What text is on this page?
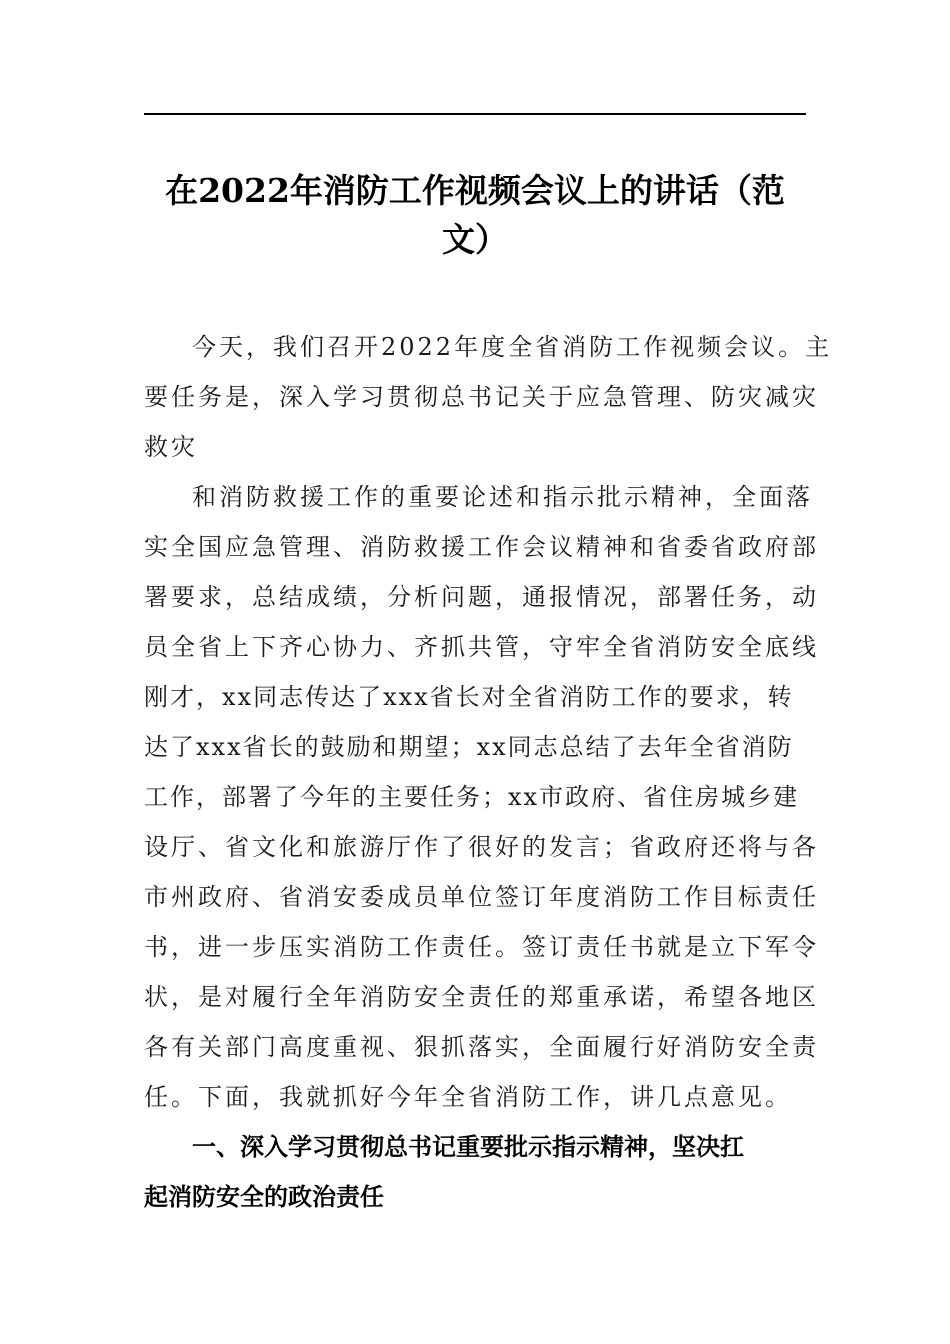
在2022年消防工作视频会议上的讲话（范
文）
今天，我们召开2022年度全省消防工作视频会议。主
要任务是，深入学习贯彻总书记关于应急管理、防灾减灾
救灾
和消防救援工作的重要论述和指示批示精神，全面落
实全国应急管理、消防救援工作会议精神和省委省政府部
署要求，总结成绩，分析问题，通报情况，部署任务，动
员全省上下齐心协力、齐抓共管，守牢全省消防安全底线
刚才，xx同志传达了xxx省长对全省消防工作的要求，转
达了xxx省长的鼓励和期望；xx同志总结了去年全省消防
工作，部署了今年的主要任务；xx市政府、省住房城乡建
设厅、省文化和旅游厅作了很好的发言；省政府还将与各
市州政府、省消安委成员单位签订年度消防工作目标责任
书，进一步压实消防工作责任。签订责任书就是立下军令
状，是对履行全年消防安全责任的郑重承诺，希望各地区
各有关部门高度重视、狠抓落实，全面履行好消防安全责
任。下面，我就抓好今年全省消防工作，讲几点意见。
一、深入学习贯彻总书记重要批示指示精神，坚决扛
起消防安全的政治责任
